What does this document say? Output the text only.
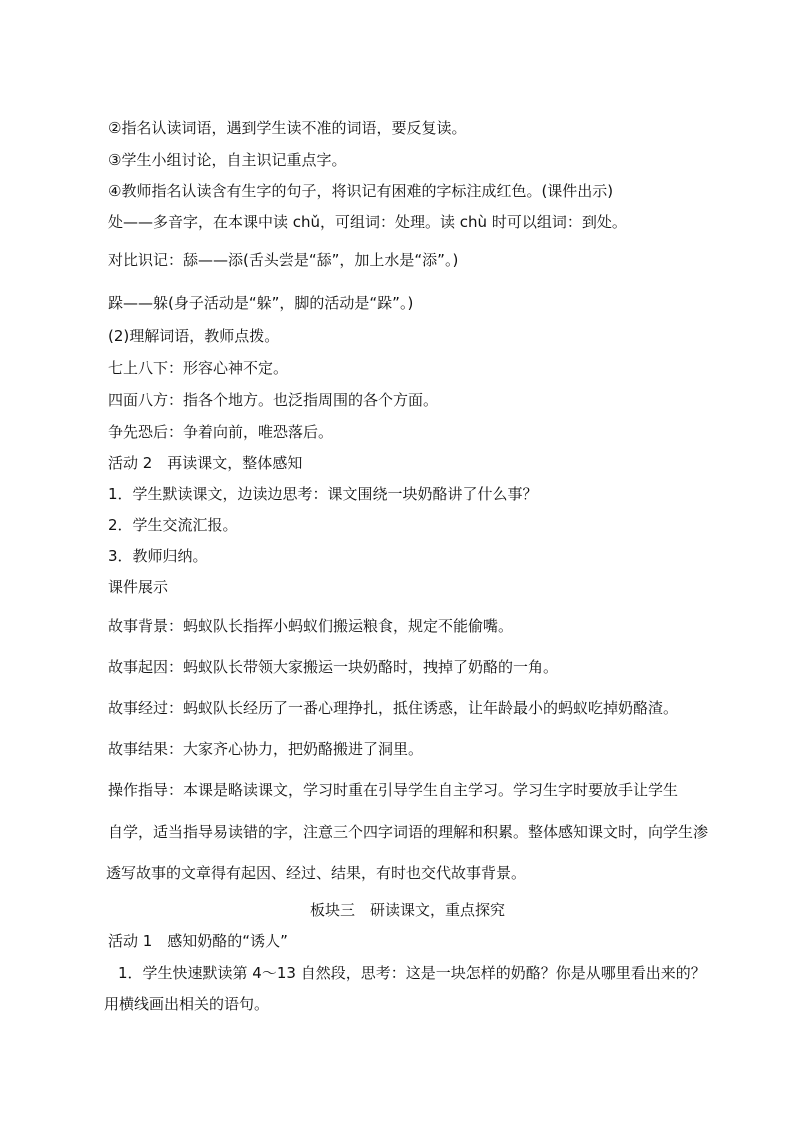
②指名认读词语，遇到学生读不准的词语，要反复读。
③学生小组讨论，自主识记重点字。
④教师指名认读含有生字的句子，将识记有困难的字标注成红色。(课件出示)
处——多音字，在本课中读 chǔ，可组词：处理。读 chù 时可以组词：到处。
对比识记：舔——添(舌头尝是“舔”，加上水是“添”。)
跺——躲(身子活动是“躲”，脚的活动是“跺”。)
(2)理解词语，教师点拨。
七上八下：形容心神不定。
四面八方：指各个地方。也泛指周围的各个方面。
争先恐后：争着向前，唯恐落后。
活动 2　再读课文，整体感知
1．学生默读课文，边读边思考：课文围绕一块奶酪讲了什么事？
2．学生交流汇报。
3．教师归纳。
课件展示
故事背景：蚂蚁队长指挥小蚂蚁们搬运粮食，规定不能偷嘴。
故事起因：蚂蚁队长带领大家搬运一块奶酪时，拽掉了奶酪的一角。
故事经过：蚂蚁队长经历了一番心理挣扎，抵住诱惑，让年龄最小的蚂蚁吃掉奶酪渣。
故事结果：大家齐心协力，把奶酪搬进了洞里。
操作指导：本课是略读课文，学习时重在引导学生自主学习。学习生字时要放手让学生
自学，适当指导易读错的字，注意三个四字词语的理解和积累。整体感知课文时，向学生渗
透写故事的文章得有起因、经过、结果，有时也交代故事背景。
板块三　研读课文，重点探究
活动 1　感知奶酪的“诱人”
1．学生快速默读第 4～13 自然段，思考：这是一块怎样的奶酪？你是从哪里看出来的？
用横线画出相关的语句。
